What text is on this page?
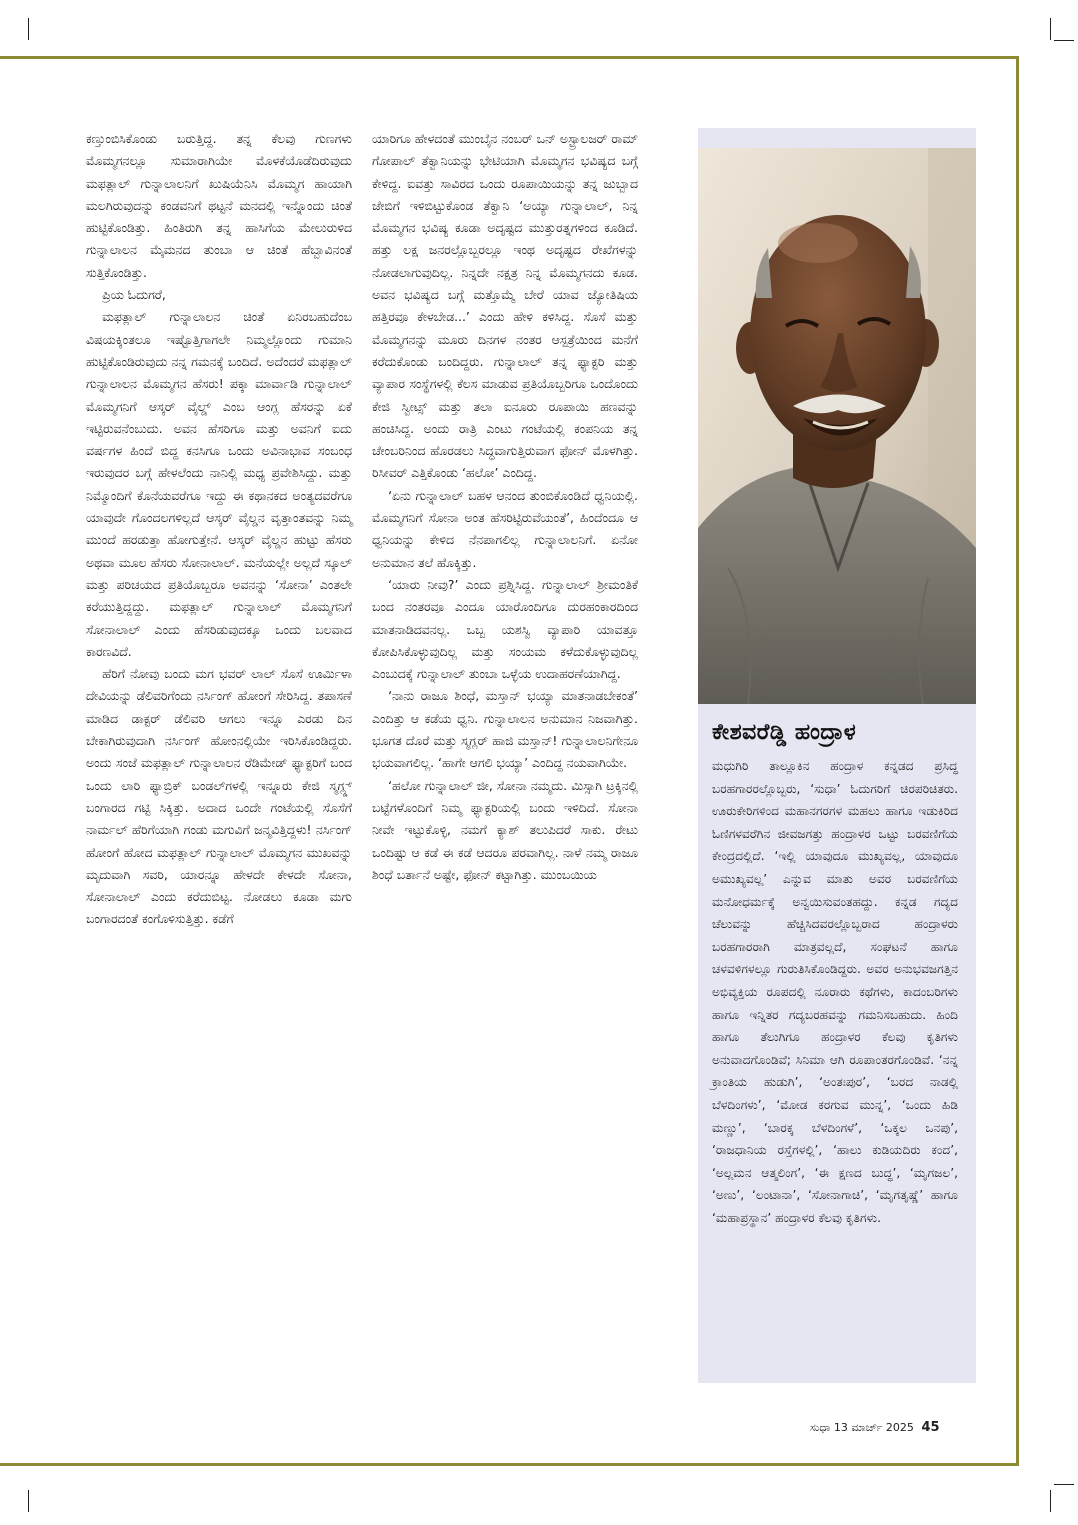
ಕಣ್ತುಂಬಿಸಿಕೊಂಡು ಬರುತ್ತಿದ್ದ. ತನ್ನ ಕೆಲವು ಗುಣಗಳು ಮೊಮ್ಮಗನಲ್ಲೂ ಸುಮಾರಾಗಿಯೇ ಮೊಳಕೆಯೊಡೆದಿರುವುದು ಮಫತ್ಲಾಲ್ ಗುನ್ನಾಲಾಲನಿಗೆ ಖುಷಿಯೆನಿಸಿ ಮೊಮ್ಮಗ ಹಾಯಾಗಿ ಮಲಗಿರುವುದನ್ನು ಕಂಡವನಿಗೆ ಥಟ್ಟನೆ ಮನದಲ್ಲಿ ಇನ್ನೊಂದು ಚಿಂತೆ ಹುಟ್ಟಿಕೊಂಡಿತ್ತು. ಹಿಂತಿರುಗಿ ತನ್ನ ಹಾಸಿಗೆಯ ಮೇಲುರುಳಿದ ಗುನ್ನಾಲಾಲನ ಮೈಮನದ ತುಂಬಾ ಆ ಚಿಂತೆ ಹೆಬ್ಬಾವಿನಂತೆ ಸುತ್ತಿಕೊಂಡಿತ್ತು.

ಪ್ರಿಯ ಓದುಗರೆ,

ಮಫತ್ಲಾಲ್ ಗುನ್ನಾಲಾಲನ ಚಿಂತೆ ಏನಿರಬಹುದೆಂಬ ವಿಷಯಕ್ಕಿಂತಲೂ ಇಷ್ಟೊತ್ತಿಗಾಗಲೇ ನಿಮ್ಮಲ್ಲೊಂದು ಗುಮಾನಿ ಹುಟ್ಟಿಕೊಂಡಿರುವುದು ನನ್ನ ಗಮನಕ್ಕೆ ಬಂದಿದೆ. ಅದೆಂದರೆ ಮಫತ್ಲಾಲ್ ಗುನ್ನಾಲಾಲನ ಮೊಮ್ಮಗನ ಹೆಸರು! ಪಕ್ಕಾ ಮಾರ್ವಾಡಿ ಗುನ್ನಾಲಾಲ್ ಮೊಮ್ಮಗನಿಗೆ ಆಸ್ಕರ್ ವೈಲ್ಡ್ ಎಂಬ ಆಂಗ್ಲ ಹೆಸರನ್ನು ಏಕೆ ಇಟ್ಟಿರುವನೆಂಬುದು. ಅವನ ಹೆಸರಿಗೂ ಮತ್ತು ಅವನಿಗೆ ಐದು ವರ್ಷಗಳ ಹಿಂದೆ ಬಿದ್ದ ಕನಸಿಗೂ ಒಂದು ಅವಿನಾಭಾವ ಸಂಬಂಧ ಇರುವುದರ ಬಗ್ಗೆ ಹೇಳಲೆಂದು ನಾನಿಲ್ಲಿ ಮಧ್ಯ ಪ್ರವೇಶಿಸಿದ್ದು. ಮತ್ತು ನಿಮ್ಮೊಂದಿಗೆ ಕೊನೆಯವರೆಗೂ ಇದ್ದು ಈ ಕಥಾನಕದ ಅಂತ್ಯದವರೆಗೂ ಯಾವುದೇ ಗೊಂದಲಗಳಿಲ್ಲದೆ ಆಸ್ಕರ್ ವೈಲ್ಡನ ವೃತ್ತಾಂತವನ್ನು ನಿಮ್ಮ ಮುಂದೆ ಹರಡುತ್ತಾ ಹೋಗುತ್ತೇನೆ. ಆಸ್ಕರ್ ವೈಲ್ಡನ ಹುಟ್ಟು ಹೆಸರು ಅಥವಾ ಮೂಲ ಹೆಸರು ಸೋನಾಲಾಲ್. ಮನೆಯಲ್ಲೇ ಅಲ್ಲದೆ ಸ್ಕೂಲ್ ಮತ್ತು ಪರಿಚಯದ ಪ್ರತಿಯೊಬ್ಬರೂ ಅವನನ್ನು ‘ಸೋನಾ’ ಎಂತಲೇ ಕರೆಯುತ್ತಿದ್ದದ್ದು. ಮಫತ್ಲಾಲ್ ಗುನ್ನಾಲಾಲ್ ಮೊಮ್ಮಗನಿಗೆ ಸೋನಾಲಾಲ್ ಎಂದು ಹೆಸರಿಡುವುದಕ್ಕೂ ಒಂದು ಬಲವಾದ ಕಾರಣವಿದೆ.

ಹೆರಿಗೆ ನೋವು ಬಂದು ಮಗ ಭವರ್ ಲಾಲ್ ಸೊಸೆ ಊರ್ಮಿಳಾ ದೇವಿಯನ್ನು ಡೆಲಿವರಿಗೆಂದು ನರ್ಸಿಂಗ್ ಹೋಂಗೆ ಸೇರಿಸಿದ್ದ. ತಪಾಸಣೆ ಮಾಡಿದ ಡಾಕ್ಟರ್ ಡೆಲಿವರಿ ಆಗಲು ಇನ್ನೂ ಎರಡು ದಿನ ಬೇಕಾಗಿರುವುದಾಗಿ ನರ್ಸಿಂಗ್ ಹೋಂನಲ್ಲಿಯೇ ಇರಿಸಿಕೊಂಡಿದ್ದರು. ಅಂದು ಸಂಜೆ ಮಫತ್ಲಾಲ್ ಗುನ್ನಾಲಾಲನ ರೆಡಿಮೇಡ್ ಫ್ಯಾಕ್ಟರಿಗೆ ಬಂದ ಒಂದು ಲಾರಿ ಫ್ಯಾಬ್ರಿಕ್ ಬಂಡಲ್‌ಗಳಲ್ಲಿ ಇನ್ನೂರು ಕೇಜಿ ಸ್ಮಗ್ಲ್ಡ್ ಬಂಗಾರದ ಗಟ್ಟಿ ಸಿಕ್ಕಿತ್ತು. ಅದಾದ ಒಂದೇ ಗಂಟೆಯಲ್ಲಿ ಸೊಸೆಗೆ ನಾರ್ಮಲ್ ಹೆರಿಗೆಯಾಗಿ ಗಂಡು ಮಗುವಿಗೆ ಜನ್ಮವಿತ್ತಿದ್ದಳು! ನರ್ಸಿಂಗ್ ಹೋಂಗೆ ಹೋದ ಮಫತ್ಲಾಲ್ ಗುನ್ನಾಲಾಲ್ ಮೊಮ್ಮಗನ ಮುಖವನ್ನು ಮೃದುವಾಗಿ ಸವರಿ, ಯಾರನ್ನೂ ಹೇಳದೇ ಕೇಳದೇ ಸೋನಾ, ಸೋನಾಲಾಲ್ ಎಂದು ಕರೆದುಬಿಟ್ಟ. ನೋಡಲು ಕೂಡಾ ಮಗು ಬಂಗಾರದಂತೆ ಕಂಗೊಳಿಸುತ್ತಿತ್ತು. ಕಡೆಗೆ

ಯಾರಿಗೂ ಹೇಳದಂತೆ ಮುಂಬೈನ ನಂಬರ್ ಒನ್ ಅಸ್ಟ್ರಾಲಜರ್ ರಾಮ್ ಗೋಪಾಲ್ ತೆಕ್ವಾನಿಯನ್ನು ಭೇಟಿಯಾಗಿ ಮೊಮ್ಮಗನ ಭವಿಷ್ಯದ ಬಗ್ಗೆ ಕೇಳಿದ್ದ. ಐವತ್ತು ಸಾವಿರದ ಒಂದು ರೂಪಾಯಿಯನ್ನು ತನ್ನ ಜುಬ್ಬಾದ ಜೇಬಿಗೆ ಇಳಿಬಿಟ್ಟುಕೊಂಡ ತೆಕ್ವಾನಿ ‘ಅಯ್ಯಾ ಗುನ್ನಾಲಾಲ್, ನಿನ್ನ ಮೊಮ್ಮಗನ ಭವಿಷ್ಯ ಕೂಡಾ ಅದೃಷ್ಟದ ಮುತ್ತುರತ್ನಗಳಿಂದ ಕೂಡಿದೆ. ಹತ್ತು ಲಕ್ಷ ಜನರಲ್ಲೊಬ್ಬರಲ್ಲೂ ಇಂಥ ಅದೃಷ್ಟದ ರೇಖೆಗಳನ್ನು ನೋಡಲಾಗುವುದಿಲ್ಲ. ನಿನ್ನದೇ ನಕ್ಷತ್ರ ನಿನ್ನ ಮೊಮ್ಮಗನದು ಕೂಡ. ಅವನ ಭವಿಷ್ಯದ ಬಗ್ಗೆ ಮತ್ತೊಮ್ಮೆ ಬೇರೆ ಯಾವ ಜ್ಯೋತಿಷಿಯ ಹತ್ತಿರವೂ ಕೇಳಬೇಡ...’ ಎಂದು ಹೇಳಿ ಕಳಿಸಿದ್ದ. ಸೊಸೆ ಮತ್ತು ಮೊಮ್ಮಗನನ್ನು ಮೂರು ದಿನಗಳ ನಂತರ ಆಸ್ಪತ್ರೆಯಿಂದ ಮನೆಗೆ ಕರೆದುಕೊಂಡು ಬಂದಿದ್ದರು. ಗುನ್ನಾಲಾಲ್ ತನ್ನ ಫ್ಯಾಕ್ಟರಿ ಮತ್ತು ವ್ಯಾಪಾರ ಸಂಸ್ಥೆಗಳಲ್ಲಿ ಕೆಲಸ ಮಾಡುವ ಪ್ರತಿಯೊಬ್ಬರಿಗೂ ಒಂದೊಂದು ಕೇಜಿ ಸ್ವೀಟ್ಸ್ ಮತ್ತು ತಲಾ ಐನೂರು ರೂಪಾಯಿ ಹಣವನ್ನು ಹಂಚಿಸಿದ್ದ. ಅಂದು ರಾತ್ರಿ ಎಂಟು ಗಂಟೆಯಲ್ಲಿ ಕಂಪನಿಯ ತನ್ನ ಚೇಂಬರಿನಿಂದ ಹೊರಡಲು ಸಿದ್ಧವಾಗುತ್ತಿರುವಾಗ ಫೋನ್ ಮೊಳಗಿತ್ತು. ರಿಸೀವರ್ ಎತ್ತಿಕೊಂಡು ‘ಹಲೋ’ ಎಂದಿದ್ದ.

‘ಏನು ಗುನ್ನಾಲಾಲ್ ಬಹಳ ಆನಂದ ತುಂಬಿಕೊಂಡಿದೆ ಧ್ವನಿಯಲ್ಲಿ. ಮೊಮ್ಮಗನಿಗೆ ಸೋನಾ ಅಂತ ಹೆಸರಿಟ್ಟಿರುವೆಯಂತೆ’, ಹಿಂದೆಂದೂ ಆ ಧ್ವನಿಯನ್ನು ಕೇಳಿದ ನೆನಪಾಗಲಿಲ್ಲ ಗುನ್ನಾಲಾಲನಿಗೆ. ಏನೋ ಅನುಮಾನ ತಲೆ ಹೊಕ್ಕಿತ್ತು.

‘ಯಾರು ನೀವು?’ ಎಂದು ಪ್ರಶ್ನಿಸಿದ್ದ. ಗುನ್ನಾಲಾಲ್ ಶ್ರೀಮಂತಿಕೆ ಬಂದ ನಂತರವೂ ಎಂದೂ ಯಾರೊಂದಿಗೂ ದುರಹಂಕಾರದಿಂದ ಮಾತನಾಡಿದವನಲ್ಲ. ಒಬ್ಬ ಯಶಸ್ವಿ ವ್ಯಾಪಾರಿ ಯಾವತ್ತೂ ಕೋಪಿಸಿಕೊಳ್ಳುವುದಿಲ್ಲ ಮತ್ತು ಸಂಯಮ ಕಳೆದುಕೊಳ್ಳುವುದಿಲ್ಲ ಎಂಬುದಕ್ಕೆ ಗುನ್ನಾಲಾಲ್ ತುಂಬಾ ಒಳ್ಳೆಯ ಉದಾಹರಣೆಯಾಗಿದ್ದ.

‘ನಾನು ರಾಜೂ ಶಿಂಧೆ, ಮಸ್ತಾನ್ ಭಯ್ಯಾ ಮಾತನಾಡಬೇಕಂತೆ’ ಎಂದಿತ್ತು ಆ ಕಡೆಯ ಧ್ವನಿ. ಗುನ್ನಾಲಾಲನ ಅನುಮಾನ ನಿಜವಾಗಿತ್ತು. ಭೂಗತ ದೊರೆ ಮತ್ತು ಸ್ಮಗ್ಲರ್ ಹಾಜಿ ಮಸ್ತಾನ್! ಗುನ್ನಾಲಾಲನಿಗೇನೂ ಭಯವಾಗಲಿಲ್ಲ. ‘ಹಾಗೇ ಆಗಲಿ ಭಯ್ಯಾ’ ಎಂದಿದ್ದ ನಯವಾಗಿಯೇ.

‘ಹಲೋ ಗುನ್ನಾಲಾಲ್ ಜೀ, ಸೋನಾ ನಮ್ಮದು. ಮಿಸ್ಸಾಗಿ ಟ್ರಕ್ಕಿನಲ್ಲಿ ಬಟ್ಟೆಗಳೊಂದಿಗೆ ನಿಮ್ಮ ಫ್ಯಾಕ್ಟರಿಯಲ್ಲಿ ಬಂದು ಇಳಿದಿದೆ. ಸೋನಾ ನೀವೇ ಇಟ್ಟುಕೊಳ್ಳಿ, ನಮಗೆ ಕ್ಯಾಶ್ ತಲುಪಿದರೆ ಸಾಕು. ರೇಟು ಒಂದಿಷ್ಟು ಆ ಕಡೆ ಈ ಕಡೆ ಆದರೂ ಪರವಾಗಿಲ್ಲ. ನಾಳೆ ನಮ್ಮ ರಾಜೂ ಶಿಂಧೆ ಬರ್ತಾನೆ ಅಷ್ಟೇ, ಫೋನ್ ಕಟ್ಟಾಗಿತ್ತು. ಮುಂಬಯಿಯ

ಕೇಶವರೆಡ್ಡಿ ಹಂದ್ರಾಳ

ಮಧುಗಿರಿ ತಾಲ್ಲೂಕಿನ ಹಂದ್ರಾಳ ಕನ್ನಡದ ಪ್ರಸಿದ್ಧ ಬರಹಗಾರರಲ್ಲೊಬ್ಬರು, ‘ಸುಧಾ’ ಓದುಗರಿಗೆ ಚಿರಪರಿಚಿತರು. ಊರುಕೇರಿಗಳಿಂದ ಮಹಾನಗರಗಳ ಮಹಲು ಹಾಗೂ ಇಡುಕಿರಿದ ಓಣಿಗಳವರೆಗಿನ ಜೀವಜಗತ್ತು ಹಂದ್ರಾಳರ ಒಟ್ಟು ಬರವಣಿಗೆಯ ಕೇಂದ್ರದಲ್ಲಿದೆ. ‘ಇಲ್ಲಿ ಯಾವುದೂ ಮುಖ್ಯವಲ್ಲ, ಯಾವುದೂ ಅಮುಖ್ಯವಲ್ಲ’ ಎನ್ನುವ ಮಾತು ಅವರ ಬರವಣಿಗೆಯ ಮನೋಧರ್ಮಕ್ಕೆ ಅನ್ವಯಿಸುವಂತಹದ್ದು. ಕನ್ನಡ ಗದ್ಯದ ಚೆಲುವನ್ನು ಹೆಚ್ಚಿಸಿದವರಲ್ಲೊಬ್ಬರಾದ ಹಂದ್ರಾಳರು ಬರಹಗಾರರಾಗಿ ಮಾತ್ರವಲ್ಲದೆ, ಸಂಘಟನೆ ಹಾಗೂ ಚಳವಳಿಗಳಲ್ಲೂ ಗುರುತಿಸಿಕೊಂಡಿದ್ದರು. ಅವರ ಅನುಭವಜಗತ್ತಿನ ಅಭಿವ್ಯಕ್ತಿಯ ರೂಪದಲ್ಲಿ ನೂರಾರು ಕಥೆಗಳು, ಕಾದಂಬರಿಗಳು ಹಾಗೂ ಇನ್ನಿತರ ಗದ್ಯಬರಹವನ್ನು ಗಮನಿಸಬಹುದು. ಹಿಂದಿ ಹಾಗೂ ತೆಲುಗಿಗೂ ಹಂದ್ರಾಳರ ಕೆಲವು ಕೃತಿಗಳು ಅನುವಾದಗೊಂಡಿವೆ; ಸಿನಿಮಾ ಆಗಿ ರೂಪಾಂತರಗೊಂಡಿವೆ. ‘ನನ್ನ ಕ್ರಾಂತಿಯ ಹುಡುಗಿ’, ‘ಅಂತಃಪುರ’, ‘ಬರದ ನಾಡಲ್ಲಿ ಬೆಳದಿಂಗಳು’, ‘ಮೋಡ ಕರಗುವ ಮುನ್ನ’, ‘ಒಂದು ಹಿಡಿ ಮಣ್ಣು’, ‘ಬಾರಕ್ಕ ಬೆಳದಿಂಗಳೆ’, ‘ಒಕ್ಕಲ ಒನಪು’, ‘ರಾಜಧಾನಿಯ ರಸ್ತೆಗಳಲ್ಲಿ’, ‘ಹಾಲು ಕುಡಿಯದಿರು ಕಂದ’, ‘ಅಲ್ಲಮನ ಆತ್ಮಲಿಂಗ’, ‘ಈ ಕ್ಷಣದ ಬುದ್ಧ’, ‘ಮೃಗಜಲ’, ‘ಅಣು’, ‘ಲಂಟಾನಾ’, ‘ಸೋನಾಗಾಚಿ’, ‘ಮೃಗತೃಷ್ಣೆ’ ಹಾಗೂ ‘ಮಹಾಪ್ರಸ್ಥಾನ’ ಹಂದ್ರಾಳರ ಕೆಲವು ಕೃತಿಗಳು.

ಸುಧಾ 13 ಮಾರ್ಚ್ 2025 45
